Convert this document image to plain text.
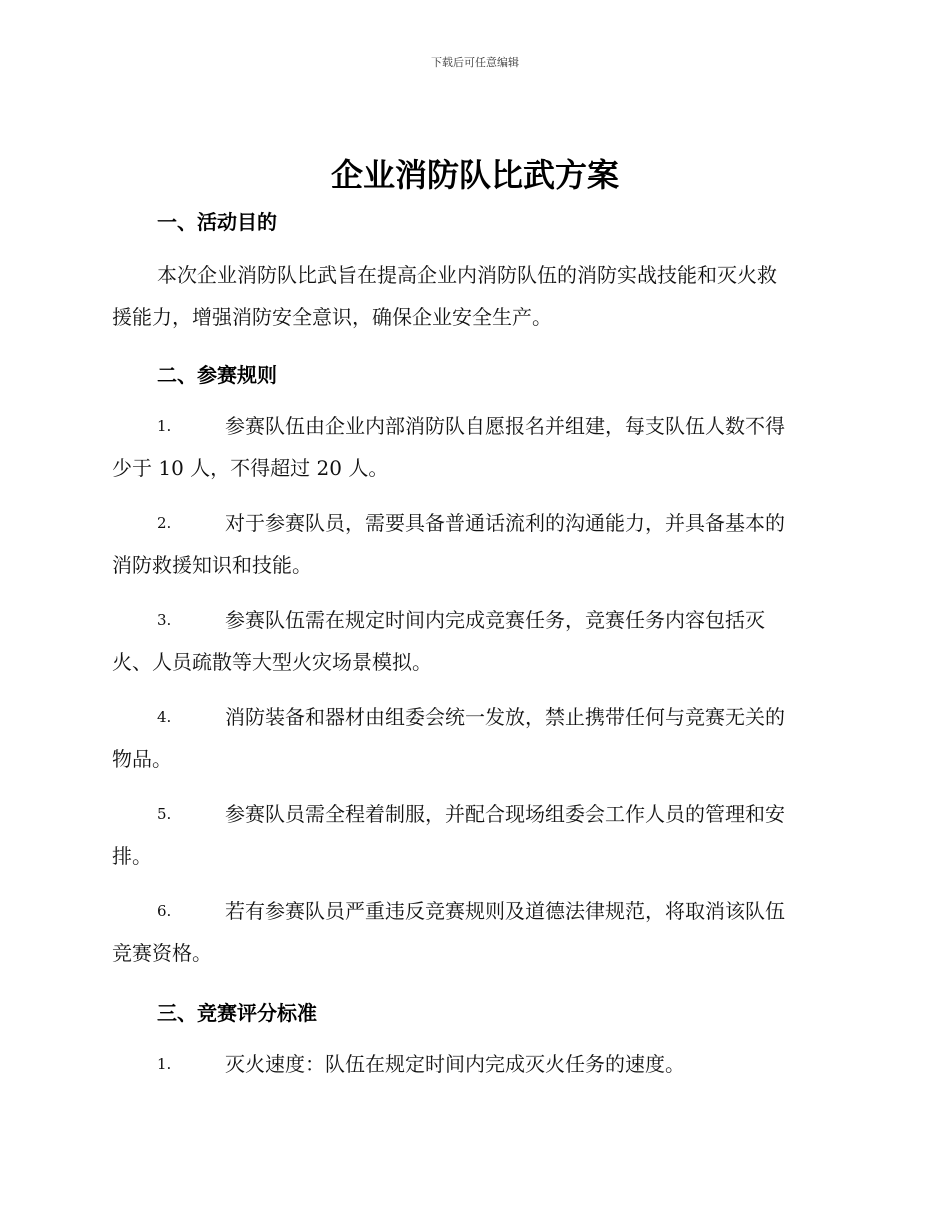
下载后可任意编辑
企业消防队比武方案
一、活动目的
本次企业消防队比武旨在提高企业内消防队伍的消防实战技能和灭火救
援能力，增强消防安全意识，确保企业安全生产。
二、参赛规则
1.	参赛队伍由企业内部消防队自愿报名并组建，每支队伍人数不得
少于 10 人，不得超过 20 人。
2.	对于参赛队员，需要具备普通话流利的沟通能力，并具备基本的
消防救援知识和技能。
3.	参赛队伍需在规定时间内完成竞赛任务，竞赛任务内容包括灭
火、人员疏散等大型火灾场景模拟。
4.	消防装备和器材由组委会统一发放，禁止携带任何与竞赛无关的
物品。
5.	参赛队员需全程着制服，并配合现场组委会工作人员的管理和安
排。
6.	若有参赛队员严重违反竞赛规则及道德法律规范，将取消该队伍
竞赛资格。
三、竞赛评分标准
1.	灭火速度：队伍在规定时间内完成灭火任务的速度。
